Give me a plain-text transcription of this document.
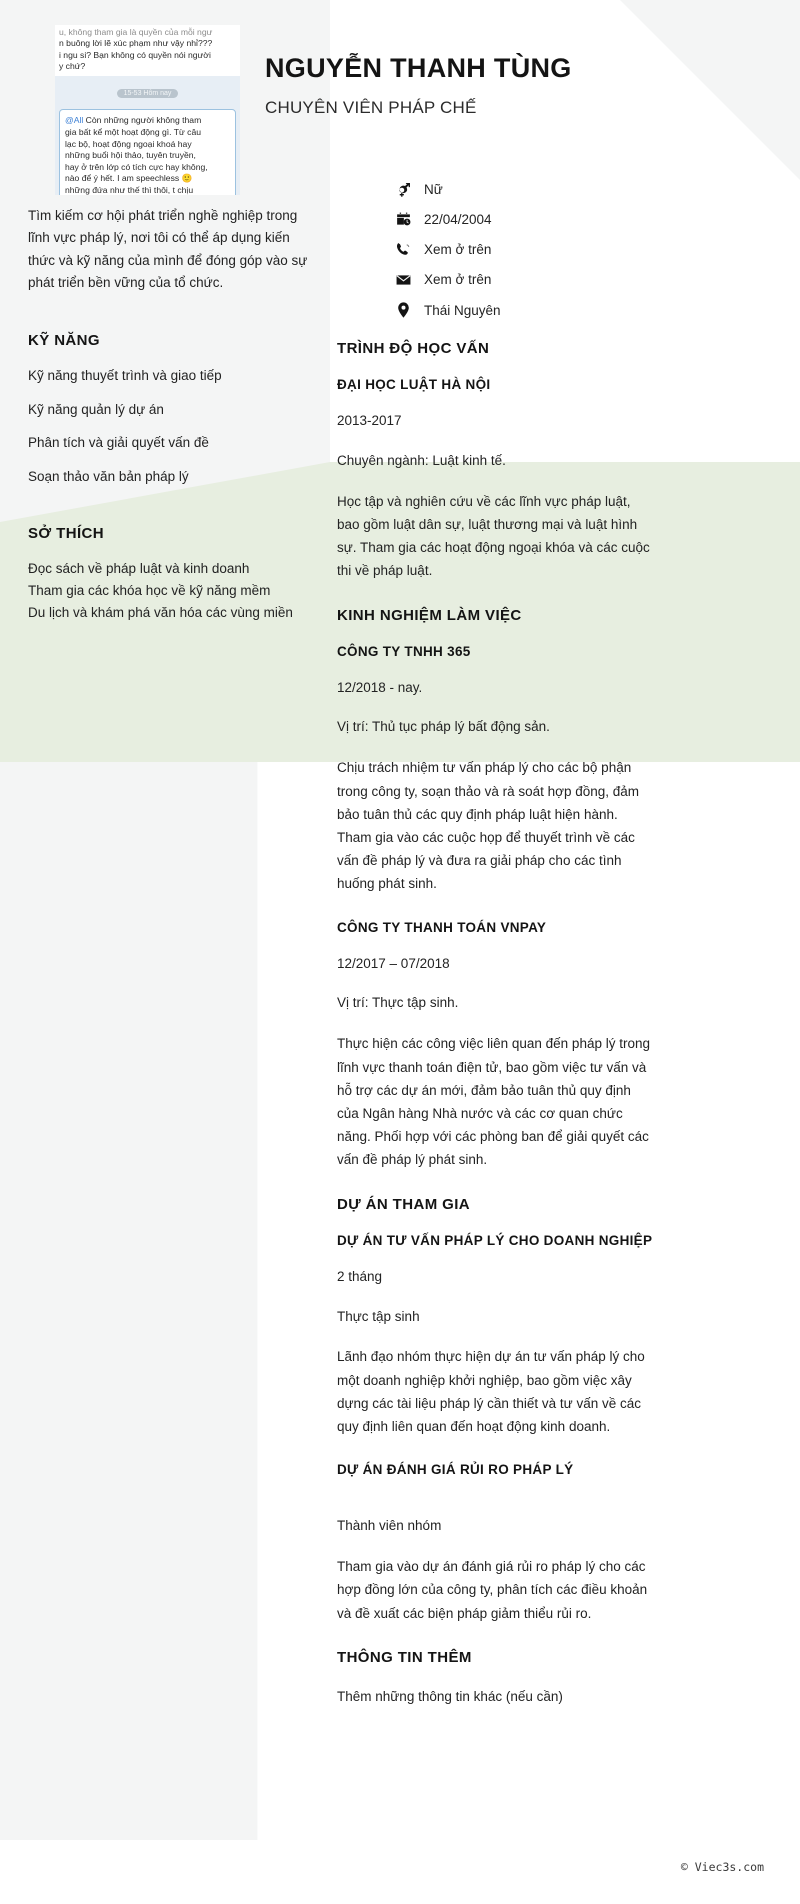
u, không tham gia là quyền của mỗi ngư
n buông lời lẽ xúc phạm như vậy nhỉ???
i ngu si? Bạn không có quyền nói người
y chứ?
15-53 Hôm nay
@All Còn những người không tham
gia bất kể một hoạt động gì. Từ câu
lạc bộ, hoạt động ngoại khoá hay
những buổi hội thảo, tuyên truyền,
hay ở trên lớp có tích cực hay không,
nào để ý hết. I am speechless 🙂
những đứa như thế thì thôi, t chịu
NGUYỄN THANH TÙNG
CHUYÊN VIÊN PHÁP CHẾ
Nữ
22/04/2004
Xem ở trên
Xem ở trên
Thái Nguyên
Tìm kiếm cơ hội phát triển nghề nghiệp trong lĩnh vực pháp lý, nơi tôi có thể áp dụng kiến thức và kỹ năng của mình để đóng góp vào sự phát triển bền vững của tổ chức.
KỸ NĂNG
Kỹ năng thuyết trình và giao tiếp
Kỹ năng quản lý dự án
Phân tích và giải quyết vấn đề
Soạn thảo văn bản pháp lý
SỞ THÍCH
Đọc sách về pháp luật và kinh doanh
Tham gia các khóa học về kỹ năng mềm
Du lịch và khám phá văn hóa các vùng miền
TRÌNH ĐỘ HỌC VẤN
ĐẠI HỌC LUẬT HÀ NỘI
2013-2017
Chuyên ngành: Luật kinh tế.
Học tập và nghiên cứu về các lĩnh vực pháp luật, bao gồm luật dân sự, luật thương mại và luật hình sự. Tham gia các hoạt động ngoại khóa và các cuộc thi về pháp luật.
KINH NGHIỆM LÀM VIỆC
CÔNG TY TNHH 365
12/2018 - nay.
Vị trí: Thủ tục pháp lý bất động sản.
Chịu trách nhiệm tư vấn pháp lý cho các bộ phận trong công ty, soạn thảo và rà soát hợp đồng, đảm bảo tuân thủ các quy định pháp luật hiện hành. Tham gia vào các cuộc họp để thuyết trình về các vấn đề pháp lý và đưa ra giải pháp cho các tình huống phát sinh.
CÔNG TY THANH TOÁN VNPAY
12/2017 – 07/2018
Vị trí: Thực tập sinh.
Thực hiện các công việc liên quan đến pháp lý trong lĩnh vực thanh toán điện tử, bao gồm việc tư vấn và hỗ trợ các dự án mới, đảm bảo tuân thủ quy định của Ngân hàng Nhà nước và các cơ quan chức năng. Phối hợp với các phòng ban để giải quyết các vấn đề pháp lý phát sinh.
DỰ ÁN THAM GIA
DỰ ÁN TƯ VẤN PHÁP LÝ CHO DOANH NGHIỆP
2 tháng
Thực tập sinh
Lãnh đạo nhóm thực hiện dự án tư vấn pháp lý cho một doanh nghiệp khởi nghiệp, bao gồm việc xây dựng các tài liệu pháp lý cần thiết và tư vấn về các quy định liên quan đến hoạt động kinh doanh.
DỰ ÁN ĐÁNH GIÁ RỦI RO PHÁP LÝ
Thành viên nhóm
Tham gia vào dự án đánh giá rủi ro pháp lý cho các hợp đồng lớn của công ty, phân tích các điều khoản và đề xuất các biện pháp giảm thiểu rủi ro.
THÔNG TIN THÊM
Thêm những thông tin khác (nếu cần)
© Viec3s.com
